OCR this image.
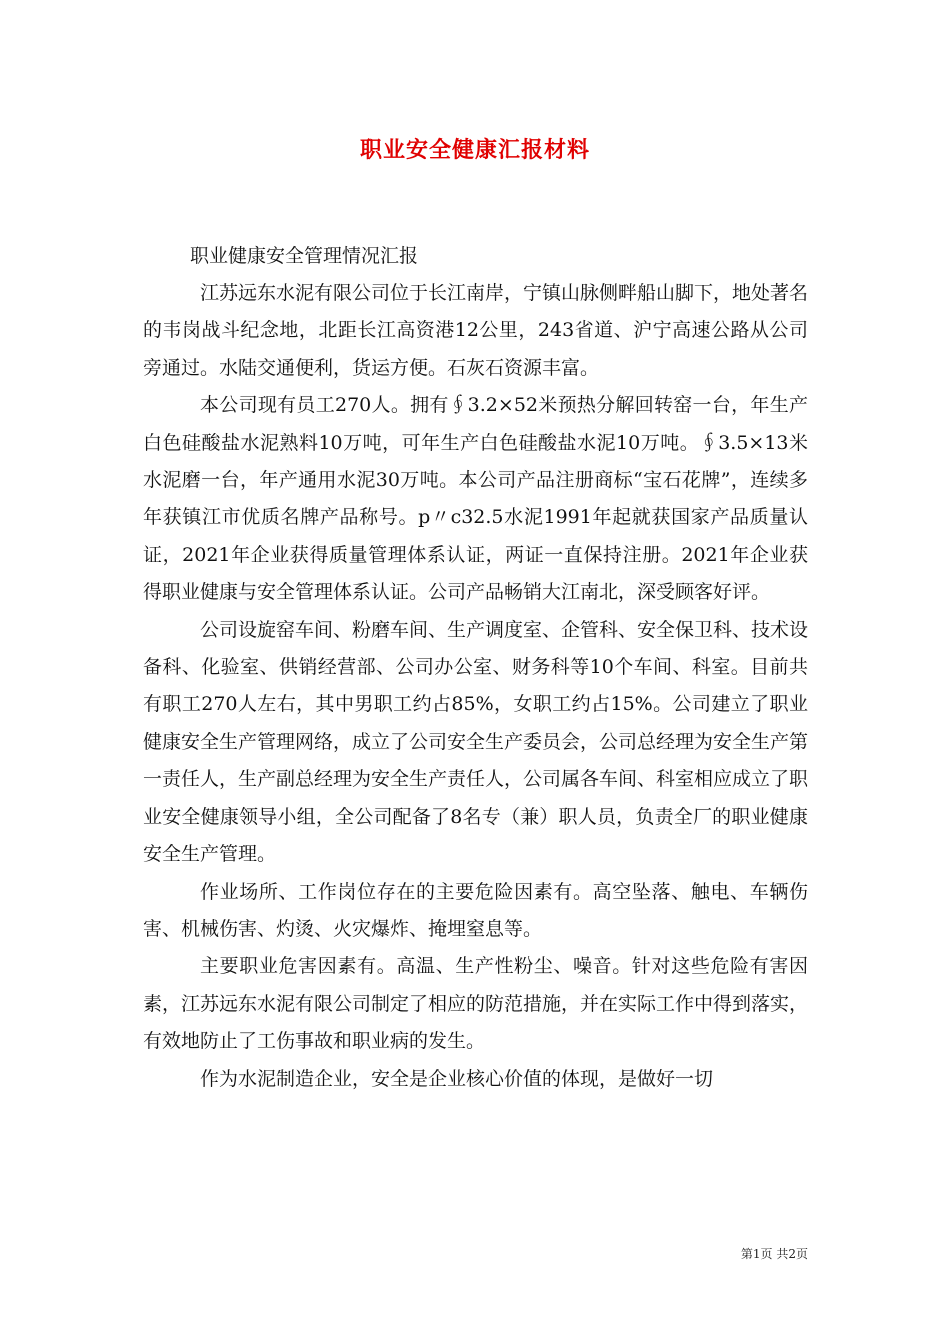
职业安全健康汇报材料

职业健康安全管理情况汇报

江苏远东水泥有限公司位于长江南岸，宁镇山脉侧畔船山脚下，地处著名的韦岗战斗纪念地，北距长江高资港12公里，243省道、沪宁高速公路从公司旁通过。水陆交通便利，货运方便。石灰石资源丰富。

本公司现有员工270人。拥有∮3.2×52米预热分解回转窑一台，年生产白色硅酸盐水泥熟料10万吨，可年生产白色硅酸盐水泥10万吨。∮3.5×13米水泥磨一台，年产通用水泥30万吨。本公司产品注册商标“宝石花牌”，连续多年获镇江市优质名牌产品称号。p〃c32.5水泥1991年起就获国家产品质量认证，2021年企业获得质量管理体系认证，两证一直保持注册。2021年企业获得职业健康与安全管理体系认证。公司产品畅销大江南北，深受顾客好评。

公司设旋窑车间、粉磨车间、生产调度室、企管科、安全保卫科、技术设备科、化验室、供销经营部、公司办公室、财务科等10个车间、科室。目前共有职工270人左右，其中男职工约占85%，女职工约占15%。公司建立了职业健康安全生产管理网络，成立了公司安全生产委员会，公司总经理为安全生产第一责任人，生产副总经理为安全生产责任人，公司属各车间、科室相应成立了职业安全健康领导小组，全公司配备了8名专（兼）职人员，负责全厂的职业健康安全生产管理。

作业场所、工作岗位存在的主要危险因素有。高空坠落、触电、车辆伤害、机械伤害、灼烫、火灾爆炸、掩埋窒息等。

主要职业危害因素有。高温、生产性粉尘、噪音。针对这些危险有害因素，江苏远东水泥有限公司制定了相应的防范措施，并在实际工作中得到落实，有效地防止了工伤事故和职业病的发生。

作为水泥制造企业，安全是企业核心价值的体现，是做好一切

第1页 共2页
